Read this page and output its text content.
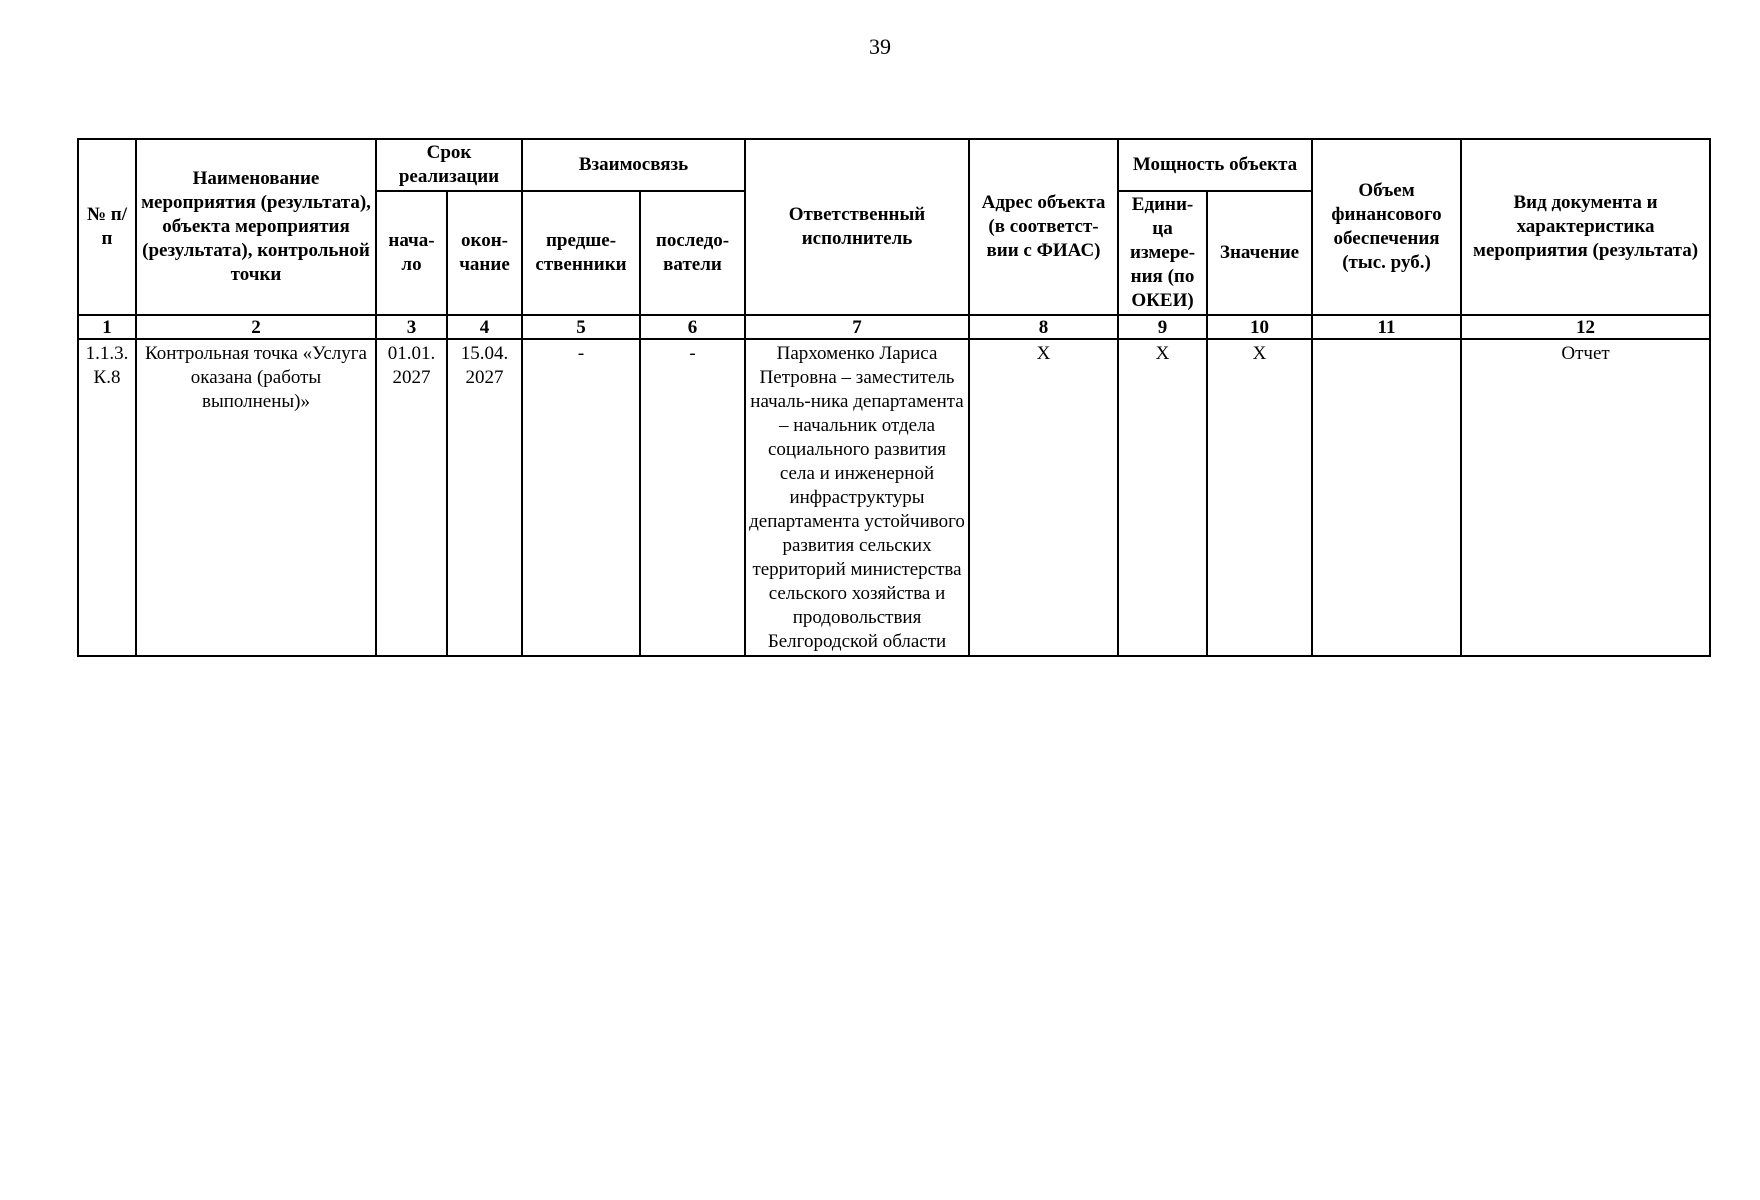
39
№ п/п	Наименование мероприятия (результата), объекта мероприятия (результата), контрольной точки	Срок реализации		Взаимосвязь		Ответственный исполнитель	Адрес объекта (в соответст-вии с ФИАС)	Мощность объекта		Объем финансового обеспечения (тыс. руб.)	Вид документа и характеристика мероприятия (результата)
		нача-ло	окон-чание	предше-ственники	последо-ватели			Едини-ца измере-ния (по ОКЕИ)	Значение		
1	2	3	4	5	6	7	8	9	10	11	12
1.1.3. К.8	Контрольная точка «Услуга оказана (работы выполнены)»	01.01. 2027	15.04. 2027	-	-	Пархоменко Лариса Петровна – заместитель началь-ника департамента – начальник отдела социального развития села и инженерной инфраструктуры департамента устойчивого развития сельских территорий министерства сельского хозяйства и продовольствия Белгородской области	Х	Х	Х		Отчет
